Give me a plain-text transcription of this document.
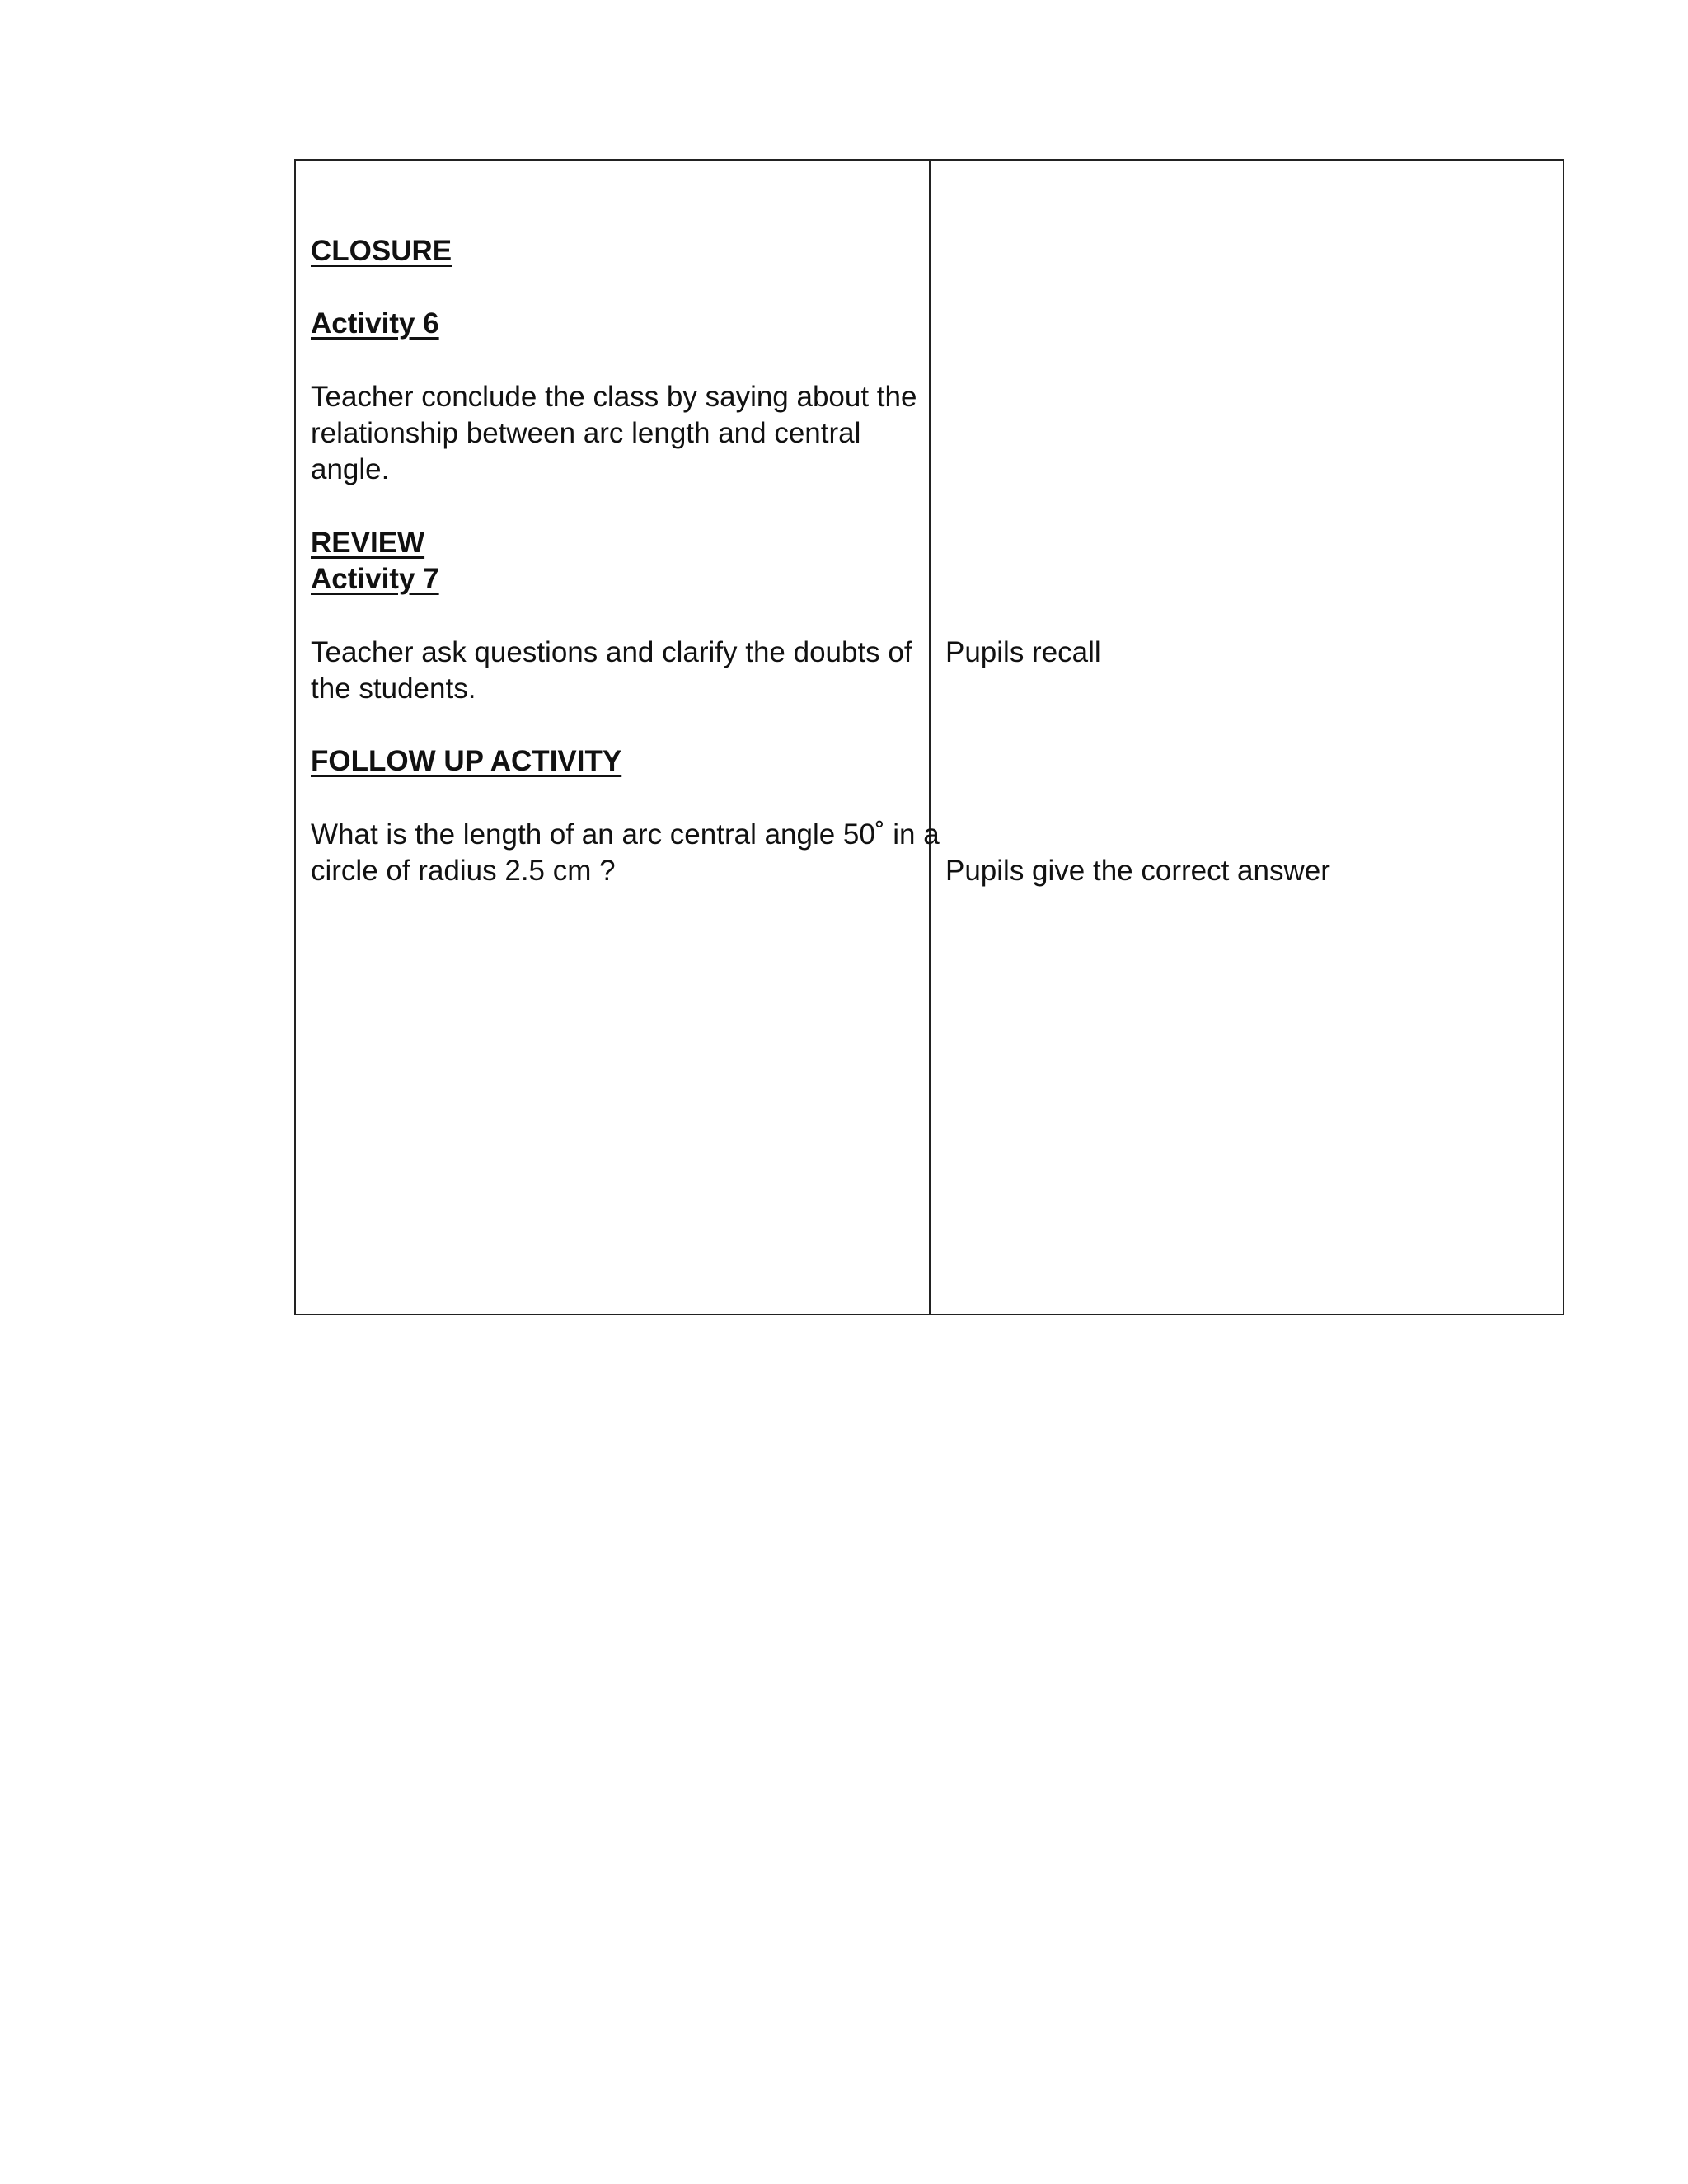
CLOSURE

Activity 6

Teacher conclude the class by saying about the

relationship between arc length and central

angle.

REVIEW

Activity 7

Teacher ask questions and clarify the doubts of

the students.

FOLLOW UP ACTIVITY

What is the length of an arc central angle 50˚ in a

circle of radius 2.5 cm ?

Pupils recall

Pupils give the correct answer
